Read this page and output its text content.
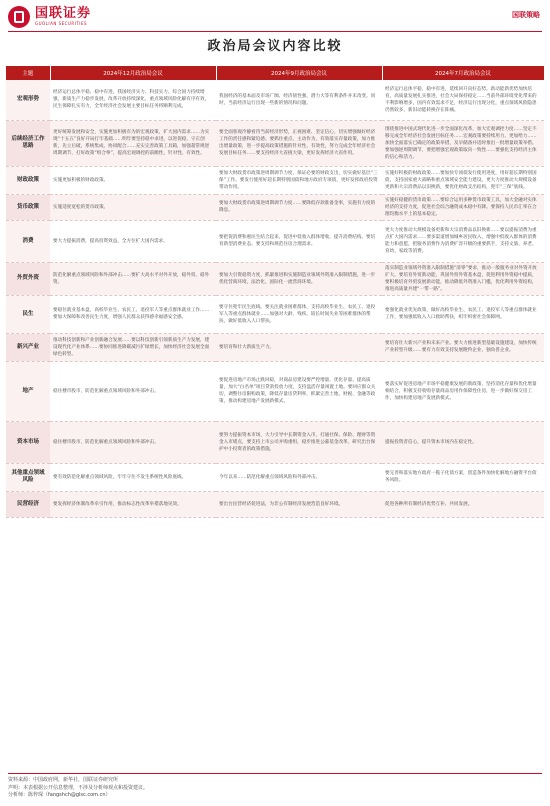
国联证券
GUOLIAN SECURITIES
国联策略
政治局会议内容比较
主题	2024年12月政治局会议	2024年9月政治局会议	2024年7月政治局会议
宏观形势	经济运行总体平稳、稳中有进，我国经济实力、科技实力、综合国力持续增强，新质生产力稳步发展，改革开放持续深化，重点领域风险化解有序有效，民生保障扎实有力，全年经济社会发展主要目标任务将顺利完成。	我国经济的基本面及市场广阔、经济韧性强、潜力大等有利条件并未改变。同时，当前经济运行出现一些新的情况和问题。	经济运行总体平稳、稳中有进，延续回升向好态势。新动能新优势加快培育，高质量发展扎实推进，社会大局保持稳定……当前外部环境变化带来的不利影响增多，国内有效需求不足，经济运行出现分化，重点领域风险隐患仍然较多，新旧动能转换存在阵痛。
后续经济工作思路	更好统筹发展和安全，实施更加积极有为的宏观政策，扩大国内需求……为实现“十五五”良好开局打牢基础……明年要坚持稳中求进，以进促稳，守正创新，先立后破，系统集成，协同配合……充实完善政策工具箱，加强超常规逆周期调节，打好政策“组合拳”，提高宏观调控的前瞻性、针对性、有效性。	要全面客观冷静看待当前经济形势，正视困难、坚定信心，切实增强做好经济工作的责任感和紧迫感。要抓住重点、主动作为，有效落实存量政策，加力推出增量政策，进一步提高政策措施的针对性、有效性，努力完成全年经济社会发展目标任务……要支持经济大省挑大梁，更好发挥经济大省作用。	围绕推进中国式现代化进一步全面深化改革，加大宏观调控力度……坚定不移完成全年经济社会发展目标任务……宏观政策要持续用力、更加给力……加快全面落实已确定的政策举措，及早储备并适时推出一批增量政策举措。要加强逆周期调节，要把增强宏观政策取向一致性……要强化支持经济主体的信心和活力。
财政政策	实施更加积极的财政政策。	要加大财政货币政策逆周期调节力度，保证必要的财政支出，切实做好基层“三保”工作。要发行使用好超长期特别国债和地方政府专项债，更好发挥政府投资带动作用。	实施好积极的财政政策……要加快专项债发行使用进度，用好超长期特别国债，支持国家重大战略和重点领域安全能力建设。更大力度推动大规模设备更新和大宗消费品以旧换新，要优化财政支出结构，兜牢“三保”底线。
货币政策	实施适度宽松的货币政策。	要加大财政货币政策逆周期调节力度……要降低存款准备金率，实施有力度的降息。	实施好稳健的货币政策……要综合运用多种货币政策工具，加大金融对实体经济的支持力度，促进社会综合融资成本稳中有降。要保持人民币汇率在合理均衡水平上的基本稳定。
消费	要大力提振消费，提高投资效益，全方位扩大国内需求。	要把促消费和惠民生结合起来，促进中低收入群体增收，提升消费结构。要培育新型消费业态。要支持和规范住房合理需求。	更大力度推动大规模设备更新和大宗消费品以旧换新……要以提振消费为重点扩大国内需求……要多渠道增加城乡居民收入，增强中低收入群体的消费能力和意愿，把服务消费作为消费扩容升级的重要抓手，支持文旅、养老、育幼、家政等消费。
外贸外资	防范化解重点领域风险和外部冲击……要扩大高水平对外开放，稳外贸、稳外资。	要加大引资稳资力度，抓紧推进和实施制造业领域外资准入限制措施，进一步优化营商环境，法治化、国际化一流营商环境。	落实制造业领域外资准入限制措施“清零”要求，推动一般服务业对外资开放扩大。要培育外贸新动能，巩固外贸外资基本盘，促进利用外资稳中提质，要积极培育外贸发展新动能，推动降低外资准入门槛，优化利用外资结构，推进高质量共建“一带一路”。
民生	要稳住就业基本盘，高校毕业生、农民工、退役军人等重点群体就业工作……要加大保障和改善民生力度，增强人民群众获得感幸福感安全感。	要守住兜牢民生底线。要关注就业困难群体，支持高校毕业生、农民工、退役军人等重点群体就业……加强对大龄、残疾、较长时间失业等困难群体的帮扶，做好低收入人口帮扶。	要强化就业优先政策，做好高校毕业生、农民工、退役军人等重点群体就业工作，要加强低收入人口救助帮扶，织牢织密社会保障网。
新兴产业	推动科技创新和产业创新融合发展……要以科技创新引领新质生产力发展，建设现代化产业体系……要协同推进降碳减污扩绿增长，加快经济社会发展全面绿色转型。	要培育和壮大新质生产力。	要培育壮大新兴产业和未来产业。要大力推进新型基础设施建设，加快传统产业转型升级……要有力有效支持发展瞪羚企业、独角兽企业。
地产	稳住楼市股市，防范化解重点领域风险和外部冲击。	要促进房地产市场止跌回稳，对商品房建设要严控增量、优化存量、提高质量，加大“白名单”项目贷款投放力度，支持盘活存量闲置土地。要回应群众关切，调整住房限购政策，降低存量房贷利率，抓紧完善土地、财税、金融等政策，推动构建房地产发展新模式。	要落实好促进房地产市场平稳健康发展的新政策，坚持消化存量和优化增量相结合，积极支持收购存量商品房用作保障性住房，进一步做好保交房工作，加快构建房地产发展新模式。
资本市场	稳住楼市股市，防范化解重点领域风险和外部冲击。	要努力提振资本市场，大力引导中长期资金入市，打通社保、保险、理财等资金入市堵点，要支持上市公司并购重组，稳步推进公募基金改革，研究出台保护中小投资者的政策措施。	提振投资者信心，提升资本市场内在稳定性。
其他重点领域风险	要有效防范化解重点领域风险，牢牢守住不发生系统性风险底线。	今年以来……防范化解重点领域风险和外部冲击。	要完善和落实地方政府一揽子化债方案，创造条件加快化解地方融资平台债务风险。
民营经济	要发挥经济体制改革牵引作用，推动标志性改革举措落地见效。	要出台民营经济促进法，为非公有制经济发展营造良好环境。	促进各种所有制经济优势互补、共同发展。
资料来源：中国政府网，新华社，国联证券研究所
声明：本表根据公开信息整理，不涉及分析师观点和投资建议。
分析师：陈梓琛（fangshch@glsc.com.cn）
